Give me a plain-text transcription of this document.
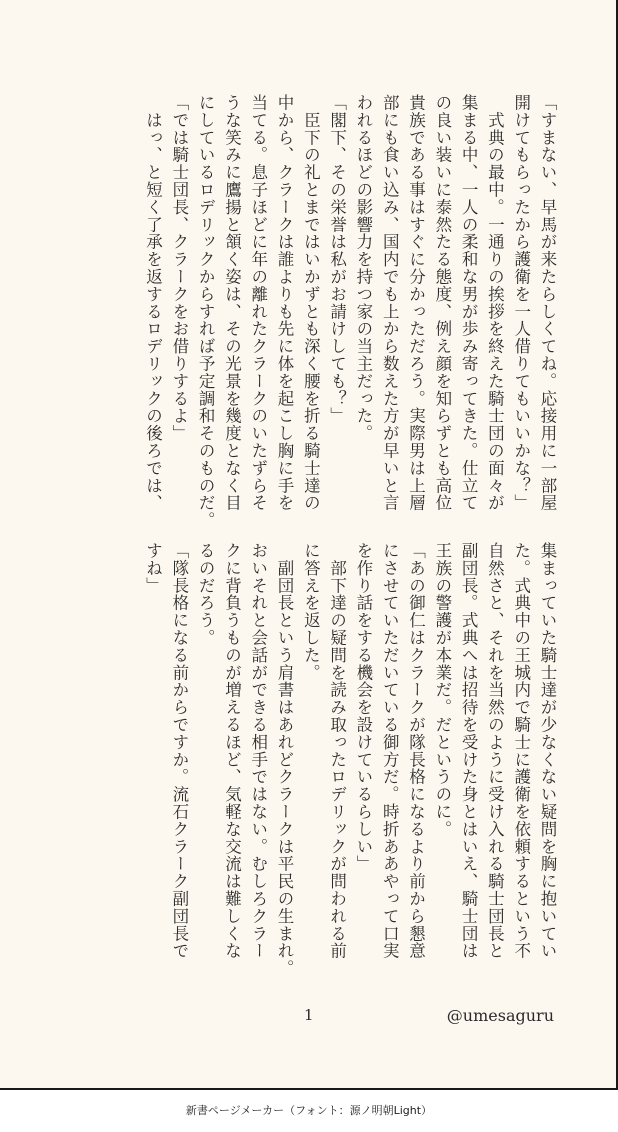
「すまない、早馬が来たらしくてね。応接用に一部屋
開けてもらったから護衛を一人借りてもいいかな？」
　式典の最中。一通りの挨拶を終えた騎士団の面々が
集まる中、一人の柔和な男が歩み寄ってきた。仕立て
の良い装いに泰然たる態度、例え顔を知らずとも高位
貴族である事はすぐに分かっただろう。実際男は上層
部にも食い込み、国内でも上から数えた方が早いと言
われるほどの影響力を持つ家の当主だった。
「閣下、その栄誉は私がお請けしても？」
　臣下の礼とまではいかずとも深く腰を折る騎士達の
中から、クラークは誰よりも先に体を起こし胸に手を
当てる。息子ほどに年の離れたクラークのいたずらそ
うな笑みに鷹揚と頷く姿は、その光景を幾度となく目
にしているロデリックからすれば予定調和そのものだ。
「では騎士団長、クラークをお借りするよ」
　はっ、と短く了承を返するロデリックの後ろでは、
集まっていた騎士達が少なくない疑問を胸に抱いてい
た。式典中の王城内で騎士に護衛を依頼するという不
自然さと、それを当然のように受け入れる騎士団長と
副団長。式典へは招待を受けた身とはいえ、騎士団は
王族の警護が本業だ。だというのに。
「あの御仁はクラークが隊長格になるより前から懇意
にさせていただいている御方だ。時折ああやって口実
を作り話をする機会を設けているらしい」
　部下達の疑問を読み取ったロデリックが問われる前
に答えを返した。
　副団長という肩書はあれどクラークは平民の生まれ。
おいそれと会話ができる相手ではない。むしろクラー
クに背負うものが増えるほど、気軽な交流は難しくな
るのだろう。
「隊長格になる前からですか。流石クラーク副団長で
すね」
1	@umesaguru
新書ページメーカー（フォント：源ノ明朝Light）
